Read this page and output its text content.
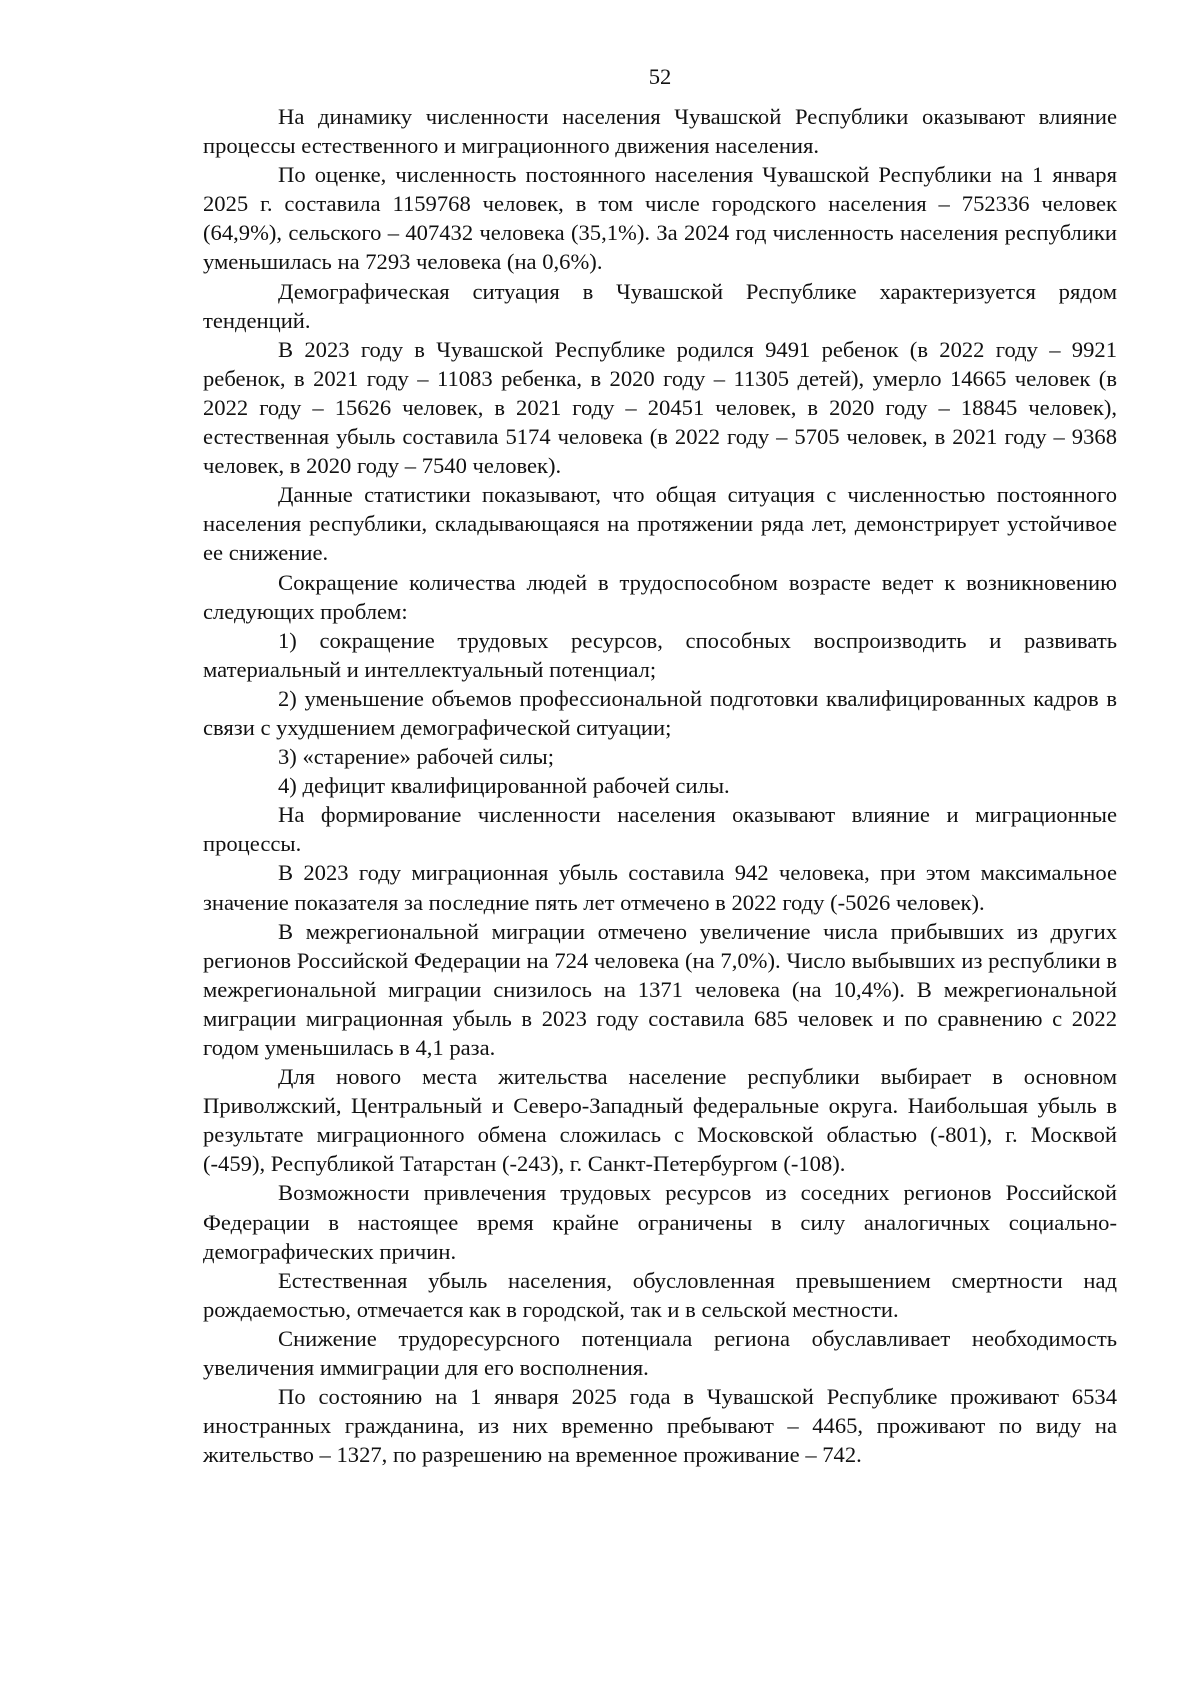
52

На динамику численности населения Чувашской Республики оказывают влияние процессы естественного и миграционного движения населения.

По оценке, численность постоянного населения Чувашской Республики на 1 января 2025 г. составила 1159768 человек, в том числе городского населения – 752336 человек (64,9%), сельского – 407432 человека (35,1%). За 2024 год численность населения республики уменьшилась на 7293 человека (на 0,6%).

Демографическая ситуация в Чувашской Республике характеризуется рядом тенденций.

В 2023 году в Чувашской Республике родился 9491 ребенок (в 2022 году – 9921 ребенок, в 2021 году – 11083 ребенка, в 2020 году – 11305 детей), умерло 14665 человек (в 2022 году – 15626 человек, в 2021 году – 20451 человек, в 2020 году – 18845 человек), естественная убыль составила 5174 человека (в 2022 году – 5705 человек, в 2021 году – 9368 человек, в 2020 году – 7540 человек).

Данные статистики показывают, что общая ситуация с численностью постоянного населения республики, складывающаяся на протяжении ряда лет, демонстрирует устойчивое ее снижение.

Сокращение количества людей в трудоспособном возрасте ведет к возникновению следующих проблем:

1) сокращение трудовых ресурсов, способных воспроизводить и развивать материальный и интеллектуальный потенциал;

2) уменьшение объемов профессиональной подготовки квалифицированных кадров в связи с ухудшением демографической ситуации;

3) «старение» рабочей силы;

4) дефицит квалифицированной рабочей силы.

На формирование численности населения оказывают влияние и миграционные процессы.

В 2023 году миграционная убыль составила 942 человека, при этом максимальное значение показателя за последние пять лет отмечено в 2022 году (-5026 человек).

В межрегиональной миграции отмечено увеличение числа прибывших из других регионов Российской Федерации на 724 человека (на 7,0%). Число выбывших из республики в межрегиональной миграции снизилось на 1371 человека (на 10,4%). В межрегиональной миграции миграционная убыль в 2023 году составила 685 человек и по сравнению с 2022 годом уменьшилась в 4,1 раза.

Для нового места жительства население республики выбирает в основном Приволжский, Центральный и Северо-Западный федеральные округа. Наибольшая убыль в результате миграционного обмена сложилась с Московской областью (-801), г. Москвой (-459), Республикой Татарстан (-243), г. Санкт-Петербургом (-108).

Возможности привлечения трудовых ресурсов из соседних регионов Российской Федерации в настоящее время крайне ограничены в силу аналогичных социально-демографических причин.

Естественная убыль населения, обусловленная превышением смертности над рождаемостью, отмечается как в городской, так и в сельской местности.

Снижение трудоресурсного потенциала региона обуславливает необходимость увеличения иммиграции для его восполнения.

По состоянию на 1 января 2025 года в Чувашской Республике проживают 6534 иностранных гражданина, из них временно пребывают – 4465, проживают по виду на жительство – 1327, по разрешению на временное проживание – 742.
